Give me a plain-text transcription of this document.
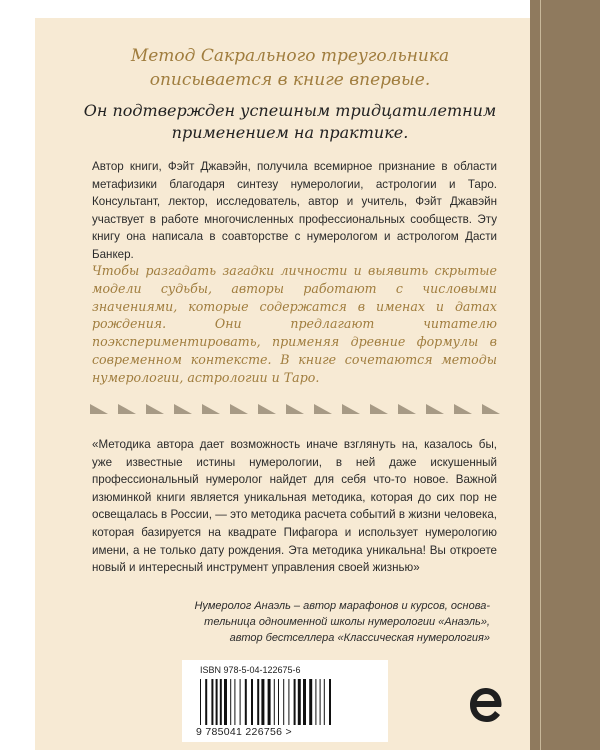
Метод Сакрального треугольника
описывается в книге впервые.
Он подтвержден успешным тридцатилетним
применением на практике.
Автор книги, Фэйт Джавэйн, получила всемирное признание в области метафизики благодаря синтезу нумерологии, астрологии и Таро. Консультант, лектор, исследователь, автор и учитель, Фэйт Джавэйн участвует в работе многочисленных профессиональных сообществ. Эту книгу она написала в соавторстве с нумерологом и астрологом Дасти Банкер.
Чтобы разгадать загадки личности и выявить скрытые модели судьбы, авторы работают с числовыми значениями, которые содержатся в именах и датах рождения. Они предлагают читателю поэкспериментировать, применяя древние формулы в современном контексте. В книге сочетаются методы нумерологии, астрологии и Таро.
«Методика автора дает возможность иначе взглянуть на, казалось бы, уже известные истины нумерологии, в ней даже искушенный профессиональный нумеролог найдет для себя что-то новое. Важной изюминкой книги является уникальная методика, которая до сих пор не освещалась в России, — это методика расчета событий в жизни человека, которая базируется на квадрате Пифагора и использует нумерологию имени, а не только дату рождения. Эта методика уникальна! Вы откроете новый и интересный инструмент управления своей жизнью»
Нумеролог Анаэль – автор марафонов и курсов, основа-
тельница одноименной школы нумерологии «Анаэль»,
автор бестселлера «Классическая нумерология»
ISBN 978-5-04-122675-6
9 785041 226756 >
